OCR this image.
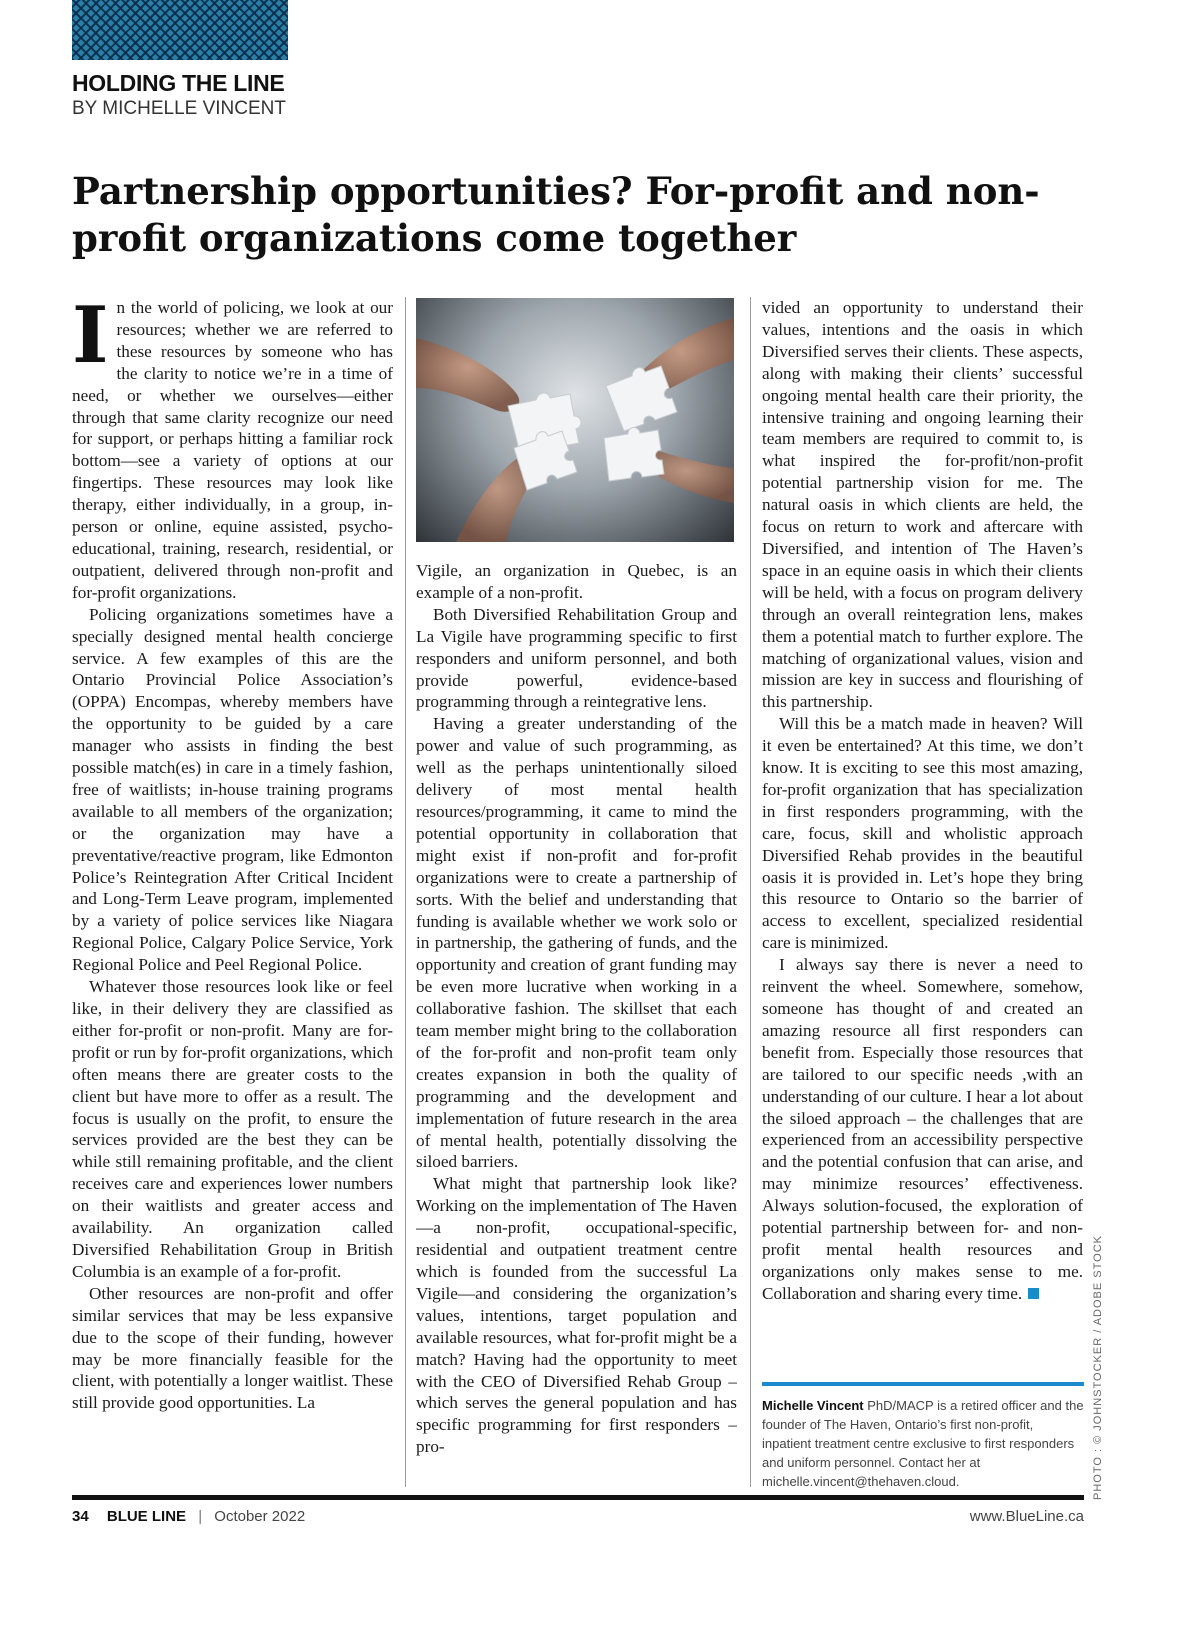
HOLDING THE LINE
BY MICHELLE VINCENT
Partnership opportunities? For-profit and non-profit organizations come together

In the world of policing, we look at our resources; whether we are referred to these resources by someone who has the clarity to notice we’re in a time of need, or whether we ourselves—either through that same clarity recognize our need for support, or perhaps hitting a familiar rock bottom—see a variety of options at our fingertips. These resources may look like therapy, either individually, in a group, in-person or online, equine assisted, psycho-educational, training, research, residential, or outpatient, delivered through non-profit and for-profit organizations.

Policing organizations sometimes have a specially designed mental health concierge service. A few examples of this are the Ontario Provincial Police Association’s (OPPA) Encompas, whereby members have the opportunity to be guided by a care manager who assists in finding the best possible match(es) in care in a timely fashion, free of waitlists; in-house training programs available to all members of the organization; or the organization may have a preventative/reactive program, like Edmonton Police’s Reintegration After Critical Incident and Long-Term Leave program, implemented by a variety of police services like Niagara Regional Police, Calgary Police Service, York Regional Police and Peel Regional Police.

Whatever those resources look like or feel like, in their delivery they are classified as either for-profit or non-profit. Many are for-profit or run by for-profit organizations, which often means there are greater costs to the client but have more to offer as a result. The focus is usually on the profit, to ensure the services provided are the best they can be while still remaining profitable, and the client receives care and experiences lower numbers on their waitlists and greater access and availability. An organization called Diversified Rehabilitation Group in British Columbia is an example of a for-profit.

Other resources are non-profit and offer similar services that may be less expansive due to the scope of their funding, however may be more financially feasible for the client, with potentially a longer waitlist. These still provide good opportunities. La

Vigile, an organization in Quebec, is an example of a non-profit.

Both Diversified Rehabilitation Group and La Vigile have programming specific to first responders and uniform personnel, and both provide powerful, evidence-based programming through a reintegrative lens.

Having a greater understanding of the power and value of such programming, as well as the perhaps unintentionally siloed delivery of most mental health resources/programming, it came to mind the potential opportunity in collaboration that might exist if non-profit and for-profit organizations were to create a partnership of sorts. With the belief and understanding that funding is available whether we work solo or in partnership, the gathering of funds, and the opportunity and creation of grant funding may be even more lucrative when working in a collaborative fashion. The skillset that each team member might bring to the collaboration of the for-profit and non-profit team only creates expansion in both the quality of programming and the development and implementation of future research in the area of mental health, potentially dissolving the siloed barriers.

What might that partnership look like? Working on the implementation of The Haven—a non-profit, occupational-specific, residential and outpatient treatment centre which is founded from the successful La Vigile—and considering the organization’s values, intentions, target population and available resources, what for-profit might be a match? Having had the opportunity to meet with the CEO of Diversified Rehab Group – which serves the general population and has specific programming for first responders – pro-

vided an opportunity to understand their values, intentions and the oasis in which Diversified serves their clients. These aspects, along with making their clients’ successful ongoing mental health care their priority, the intensive training and ongoing learning their team members are required to commit to, is what inspired the for-profit/non-profit potential partnership vision for me. The natural oasis in which clients are held, the focus on return to work and aftercare with Diversified, and intention of The Haven’s space in an equine oasis in which their clients will be held, with a focus on program delivery through an overall reintegration lens, makes them a potential match to further explore. The matching of organizational values, vision and mission are key in success and flourishing of this partnership.

Will this be a match made in heaven? Will it even be entertained? At this time, we don’t know. It is exciting to see this most amazing, for-profit organization that has specialization in first responders programming, with the care, focus, skill and wholistic approach Diversified Rehab provides in the beautiful oasis it is provided in. Let’s hope they bring this resource to Ontario so the barrier of access to excellent, specialized residential care is minimized.

I always say there is never a need to reinvent the wheel. Somewhere, somehow, someone has thought of and created an amazing resource all first responders can benefit from. Especially those resources that are tailored to our specific needs ,with an understanding of our culture. I hear a lot about the siloed approach – the challenges that are experienced from an accessibility perspective and the potential confusion that can arise, and may minimize resources’ effectiveness. Always solution-focused, the exploration of potential partnership between for- and non-profit mental health resources and organizations only makes sense to me. Collaboration and sharing every time.

Michelle Vincent PhD/MACP is a retired officer and the founder of The Haven, Ontario’s first non-profit, inpatient treatment centre exclusive to first responders and uniform personnel. Contact her at michelle.vincent@thehaven.cloud.	PHOTO : © JOHNSTOCKER / ADOBE STOCK
34 BLUE LINE | October 2022	www.BlueLine.ca
